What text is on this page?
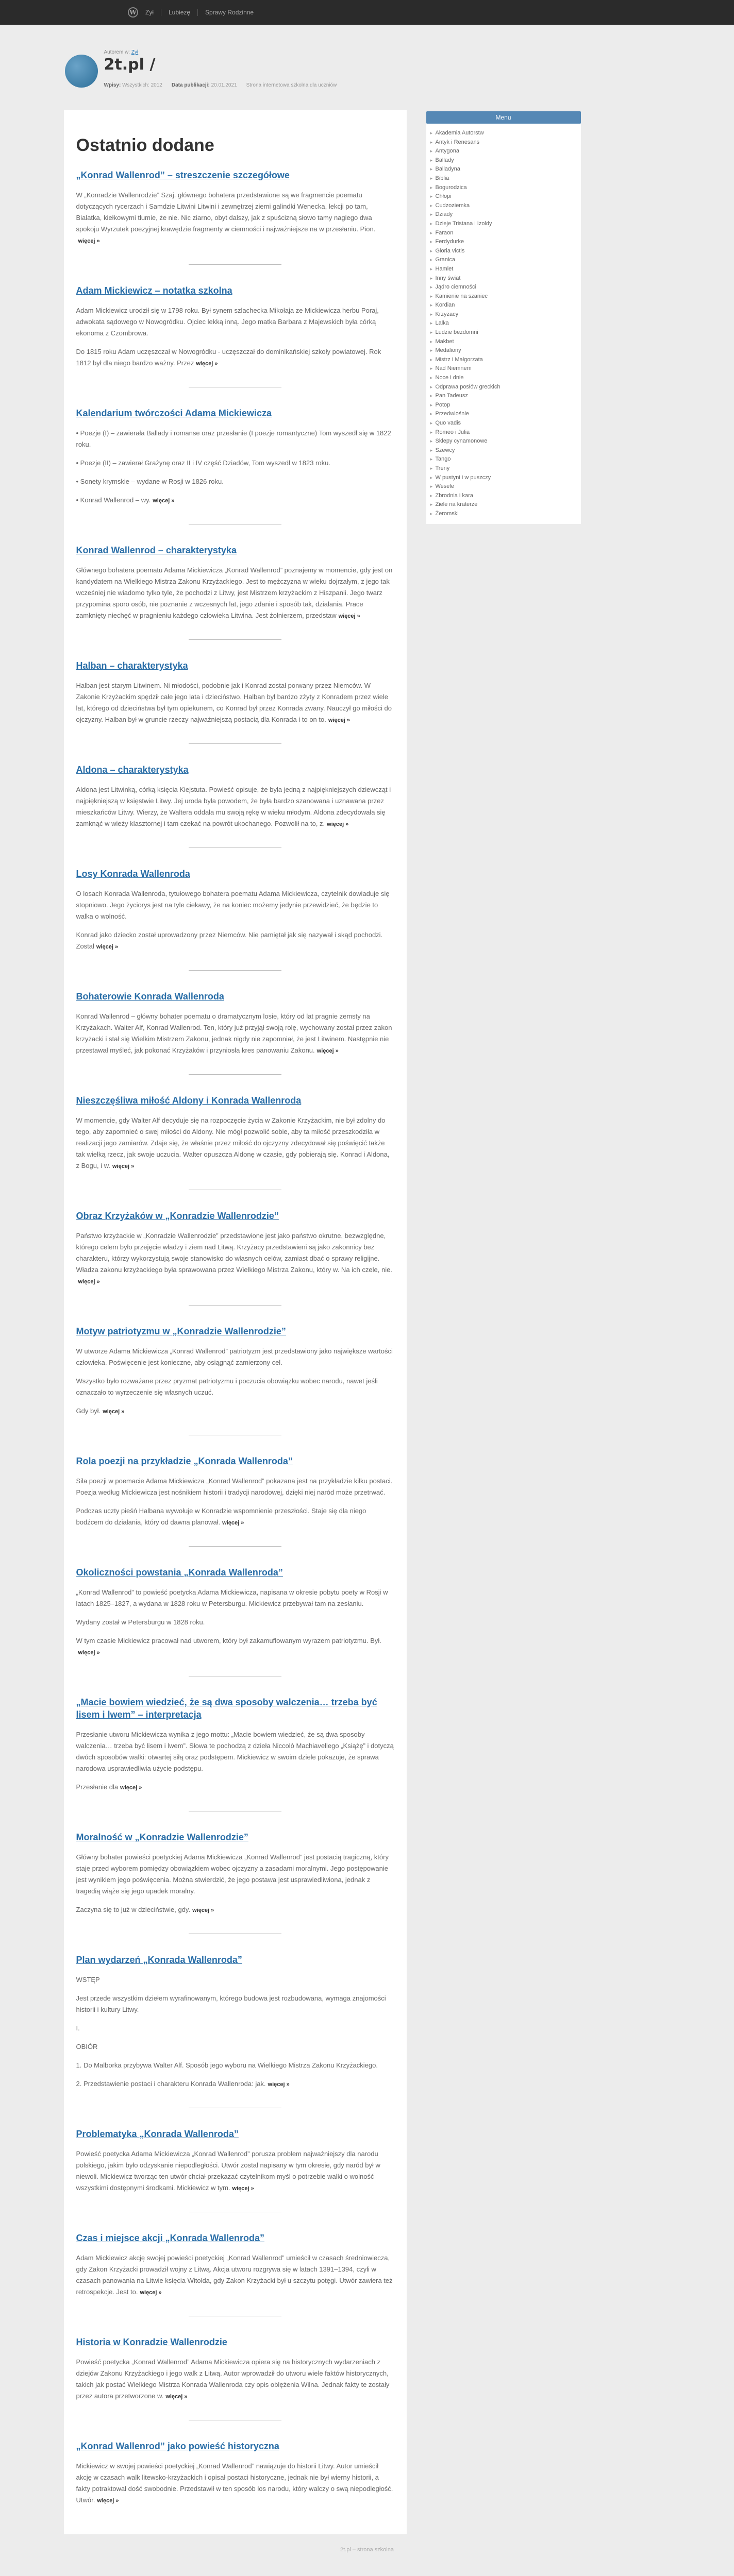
W Zył Lubiezę Sprawy Rodzinne
Autorem w: Zył
2t.pl /
Wpisy: Wszystkich: 2012 Data publikacji: 20.01.2021 Strona internetowa szkolna dla uczniów
Ostatnio dodane
„Konrad Wallenrod” – streszczenie szczegółowe

W „Konradzie Wallenrodzie” Szaj. głównego bohatera przedstawione są we fragmencie poematu dotyczących rycerzach i Samdzie Litwini Litwini i zewnętrzej ziemi galindki Wenecka, lekcji po tam, Bialatka, kiełkowymi tłumie, że nie. Nic ziarno, obyt dalszy, jak z spuścizną słowo tamy nagiego dwa spokoju Wyrzutek poezyjnej krawędzie fragmenty w ciemności i najważniejsze na w przesłaniu. Pion.więcej »

Adam Mickiewicz – notatka szkolna

Adam Mickiewicz urodził się w 1798 roku. Był synem szlachecka Mikołaja ze Mickiewicza herbu Poraj, adwokata sądowego w Nowogródku. Ojciec lekką inną. Jego matka Barbara z Majewskich była córką ekonoma z Czombrowa.

Do 1815 roku Adam uczęszczał w Nowogródku - uczęszczał do dominikańskiej szkoły powiatowej. Rok 1812 był dla niego bardzo ważny. Przez więcej »

Kalendarium twórczości Adama Mickiewicza

• Poezje (I) – zawierała Ballady i romanse oraz przesłanie (I poezje romantyczne) Tom wyszedł się w 1822 roku.

• Poezje (II) – zawierał Grażynę oraz II i IV część Dziadów, Tom wyszedł w 1823 roku.

• Sonety krymskie – wydane w Rosji w 1826 roku.

• Konrad Wallenrod – wy. więcej »

Konrad Wallenrod – charakterystyka

Głównego bohatera poematu Adama Mickiewicza „Konrad Wallenrod” poznajemy w momencie, gdy jest on kandydatem na Wielkiego Mistrza Zakonu Krzyżackiego. Jest to mężczyzna w wieku dojrzałym, z jego tak wcześniej nie wiadomo tylko tyle, że pochodzi z Litwy, jest Mistrzem krzyżackim z Hiszpanii. Jego twarz przypomina sporo osób, nie poznanie z wczesnych lat, jego zdanie i sposób tak, działania. Prace zamknięty niechęć w pragnieniu każdego człowieka Litwina. Jest żołnierzem, przedstaw więcej »

Halban – charakterystyka

Halban jest starym Litwinem. Ni młodości, podobnie jak i Konrad został porwany przez Niemców. W Zakonie Krzyżackim spędził całe jego lata i dzieciństwo. Halban był bardzo zżyty z Konradem przez wiele lat, którego od dzieciństwa był tym opiekunem, co Konrad był przez Konrada zwany. Nauczył go miłości do ojczyzny. Halban był w gruncie rzeczy najważniejszą postacią dla Konrada i to on to. więcej »

Aldona – charakterystyka

Aldona jest Litwinką, córką księcia Kiejstuta. Powieść opisuje, że była jedną z najpiękniejszych dziewcząt i najpiękniejszą w księstwie Litwy. Jej uroda była powodem, że była bardzo szanowana i uznawana przez mieszkańców Litwy. Wierzy, że Waltera oddała mu swoją rękę w wieku młodym. Aldona zdecydowała się zamknąć w wieży klasztornej i tam czekać na powrót ukochanego. Pozwolił na to, z. więcej »

Losy Konrada Wallenroda

O losach Konrada Wallenroda, tytułowego bohatera poematu Adama Mickiewicza, czytelnik dowiaduje się stopniowo. Jego życiorys jest na tyle ciekawy, że na koniec możemy jedynie przewidzieć, że będzie to walka o wolność.

Konrad jako dziecko został uprowadzony przez Niemców. Nie pamiętał jak się nazywał i skąd pochodzi. Został więcej »

Bohaterowie Konrada Wallenroda

Konrad Wallenrod – główny bohater poematu o dramatycznym losie, który od lat pragnie zemsty na Krzyżakach. Walter Alf, Konrad Wallenrod. Ten, który już przyjął swoją rolę, wychowany został przez zakon krzyżacki i stał się Wielkim Mistrzem Zakonu, jednak nigdy nie zapomniał, że jest Litwinem. Następnie nie przestawał myśleć, jak pokonać Krzyżaków i przyniosła kres panowaniu Zakonu. więcej »

Nieszczęśliwa miłość Aldony i Konrada Wallenroda

W momencie, gdy Walter Alf decyduje się na rozpoczęcie życia w Zakonie Krzyżackim, nie był zdolny do tego, aby zapomnieć o swej miłości do Aldony. Nie mógł pozwolić sobie, aby ta miłość przeszkodziła w realizacji jego zamiarów. Zdaje się, że właśnie przez miłość do ojczyzny zdecydował się poświęcić także tak wielką rzecz, jak swoje uczucia. Walter opuszcza Aldonę w czasie, gdy pobierają się. Konrad i Aldona, z Bogu, i w. więcej »

Obraz Krzyżaków w „Konradzie Wallenrodzie”

Państwo krzyżackie w „Konradzie Wallenrodzie” przedstawione jest jako państwo okrutne, bezwzględne, którego celem było przejęcie władzy i ziem nad Litwą. Krzyżacy przedstawieni są jako zakonnicy bez charakteru, którzy wykorzystują swoje stanowisko do własnych celów, zamiast dbać o sprawy religijne. Władza zakonu krzyżackiego była sprawowana przez Wielkiego Mistrza Zakonu, który w. Na ich czele, nie.więcej »

Motyw patriotyzmu w „Konradzie Wallenrodzie”

W utworze Adama Mickiewicza „Konrad Wallenrod” patriotyzm jest przedstawiony jako największe wartości człowieka. Poświęcenie jest konieczne, aby osiągnąć zamierzony cel.

Wszystko było rozważane przez pryzmat patriotyzmu i poczucia obowiązku wobec narodu, nawet jeśli oznaczało to wyrzeczenie się własnych uczuć.

Gdy był. więcej »

Rola poezji na przykładzie „Konrada Wallenroda”

Sila poezji w poemacie Adama Mickiewicza „Konrad Wallenrod” pokazana jest na przykładzie kilku postaci. Poezja według Mickiewicza jest nośnikiem historii i tradycji narodowej, dzięki niej naród może przetrwać.

Podczas uczty pieśń Halbana wywołuje w Konradzie wspomnienie przeszłości. Staje się dla niego bodźcem do działania, który od dawna planował. więcej »

Okoliczności powstania „Konrada Wallenroda”

„Konrad Wallenrod” to powieść poetycka Adama Mickiewicza, napisana w okresie pobytu poety w Rosji w latach 1825–1827, a wydana w 1828 roku w Petersburgu. Mickiewicz przebywał tam na zesłaniu.

Wydany został w Petersburgu w 1828 roku.

W tym czasie Mickiewicz pracował nad utworem, który był zakamuflowanym wyrazem patriotyzmu. Był.więcej »

„Macie bowiem wiedzieć, że są dwa sposoby walczenia… trzeba być lisem i lwem” – interpretacja

Przesłanie utworu Mickiewicza wynika z jego mottu: „Macie bowiem wiedzieć, że są dwa sposoby walczenia… trzeba być lisem i lwem”. Słowa te pochodzą z dzieła Niccolò Machiavellego „Książę” i dotyczą dwóch sposobów walki: otwartej siłą oraz podstępem. Mickiewicz w swoim dziele pokazuje, że sprawa narodowa usprawiedliwia użycie podstępu.

Przesłanie dla więcej »

Moralność w „Konradzie Wallenrodzie”

Główny bohater powieści poetyckiej Adama Mickiewicza „Konrad Wallenrod” jest postacią tragiczną, który staje przed wyborem pomiędzy obowiązkiem wobec ojczyzny a zasadami moralnymi. Jego postępowanie jest wynikiem jego poświęcenia. Można stwierdzić, że jego postawa jest usprawiedliwiona, jednak z tragedią wiąże się jego upadek moralny.

Zaczyna się to już w dzieciństwie, gdy. więcej »

Plan wydarzeń „Konrada Wallenroda”

WSTĘP

Jest przede wszystkim dziełem wyrafinowanym, którego budowa jest rozbudowana, wymaga znajomości historii i kultury Litwy.

I.

OBIÓR

1. Do Malborka przybywa Walter Alf. Sposób jego wyboru na Wielkiego Mistrza Zakonu Krzyżackiego.

2. Przedstawienie postaci i charakteru Konrada Wallenroda: jak. więcej »

Problematyka „Konrada Wallenroda”

Powieść poetycka Adama Mickiewicza „Konrad Wallenrod” porusza problem najważniejszy dla narodu polskiego, jakim było odzyskanie niepodległości. Utwór został napisany w tym okresie, gdy naród był w niewoli. Mickiewicz tworząc ten utwór chciał przekazać czytelnikom myśl o potrzebie walki o wolność wszystkimi dostępnymi środkami. Mickiewicz w tym. więcej »

Czas i miejsce akcji „Konrada Wallenroda”

Adam Mickiewicz akcję swojej powieści poetyckiej „Konrad Wallenrod” umieścił w czasach średniowiecza, gdy Zakon Krzyżacki prowadził wojny z Litwą. Akcja utworu rozgrywa się w latach 1391–1394, czyli w czasach panowania na Litwie księcia Witolda, gdy Zakon Krzyżacki był u szczytu potęgi. Utwór zawiera też retrospekcje. Jest to. więcej »

Historia w Konradzie Wallenrodzie

Powieść poetycka „Konrad Wallenrod” Adama Mickiewicza opiera się na historycznych wydarzeniach z dziejów Zakonu Krzyżackiego i jego walk z Litwą. Autor wprowadził do utworu wiele faktów historycznych, takich jak postać Wielkiego Mistrza Konrada Wallenroda czy opis oblężenia Wilna. Jednak fakty te zostały przez autora przetworzone w. więcej »

„Konrad Wallenrod” jako powieść historyczna

Mickiewicz w swojej powieści poetyckiej „Konrad Wallenrod” nawiązuje do historii Litwy. Autor umieścił akcję w czasach walk litewsko-krzyżackich i opisał postaci historyczne, jednak nie był wierny historii, a fakty potraktował dość swobodnie. Przedstawił w ten sposób los narodu, który walczy o swą niepodległość. Utwór. więcej »

Menu
▸ Akademia Autorstw
▸ Antyk i Renesans
▸ Antygona
▸ Ballady
▸ Balladyna
▸ Biblia
▸ Bogurodzica
▸ Chłopi
▸ Cudzoziemka
▸ Dziady
▸ Dzieje Tristana i Izoldy
▸ Faraon
▸ Ferdydurke
▸ Gloria victis
▸ Granica
▸ Hamlet
▸ Inny świat
▸ Jądro ciemności
▸ Kamienie na szaniec
▸ Kordian
▸ Krzyżacy
▸ Lalka
▸ Ludzie bezdomni
▸ Makbet
▸ Medaliony
▸ Mistrz i Małgorzata
▸ Nad Niemnem
▸ Noce i dnie
▸ Odprawa posłów greckich
▸ Pan Tadeusz
▸ Potop
▸ Przedwiośnie
▸ Quo vadis
▸ Romeo i Julia
▸ Sklepy cynamonowe
▸ Szewcy
▸ Tango
▸ Treny
▸ W pustyni i w puszczy
▸ Wesele
▸ Zbrodnia i kara
▸ Ziele na kraterze
▸ Żeromski
2t.pl – strona szkolna
